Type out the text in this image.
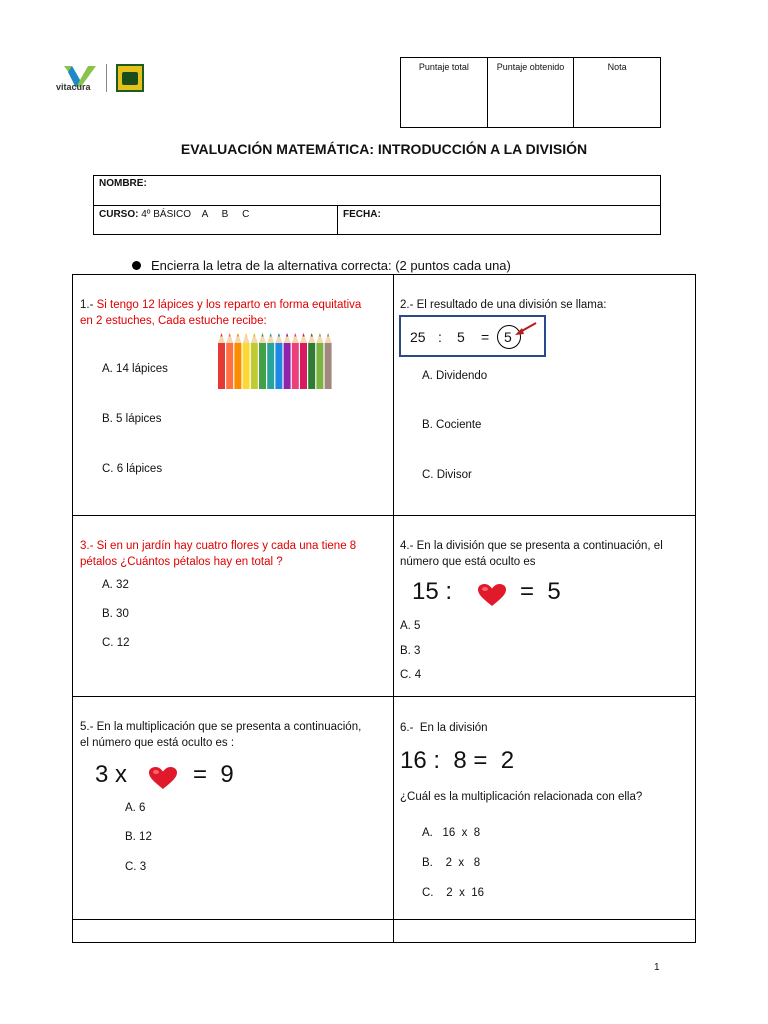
vitacura
Puntaje total	Puntaje obtenido	Nota
EVALUACIÓN MATEMÁTICA: INTRODUCCIÓN A LA DIVISIÓN
NOMBRE:
CURSO: 4º BÁSICO    A     B     C	FECHA:
Encierra la letra de la alternativa correcta: (2 puntos cada una)
1.- Si tengo 12 lápices y los reparto en forma equitativa en 2 estuches, Cada estuche recibe:
A. 14 lápices
B. 5 lápices
C. 6 lápices
2.- El resultado de una división se llama:
25 : 5 = 5
A. Dividendo
B. Cociente
C. Divisor
3.- Si en un jardín hay cuatro flores y cada una tiene 8 pétalos ¿Cuántos pétalos hay en total ?
A. 32
B. 30
C. 12
4.- En la división que se presenta a continuación, el número que está oculto es
15 :	=  5
A. 5
B. 3
C. 4
5.- En la multiplicación que se presenta a continuación, el número que está oculto es :
3 x	=  9
A. 6
B. 12
C. 3
6.- En la división
16 :  8 =  2
¿Cuál es la multiplicación relacionada con ella?
A.   16  x  8
B.    2  x   8
C.    2  x  16
1
